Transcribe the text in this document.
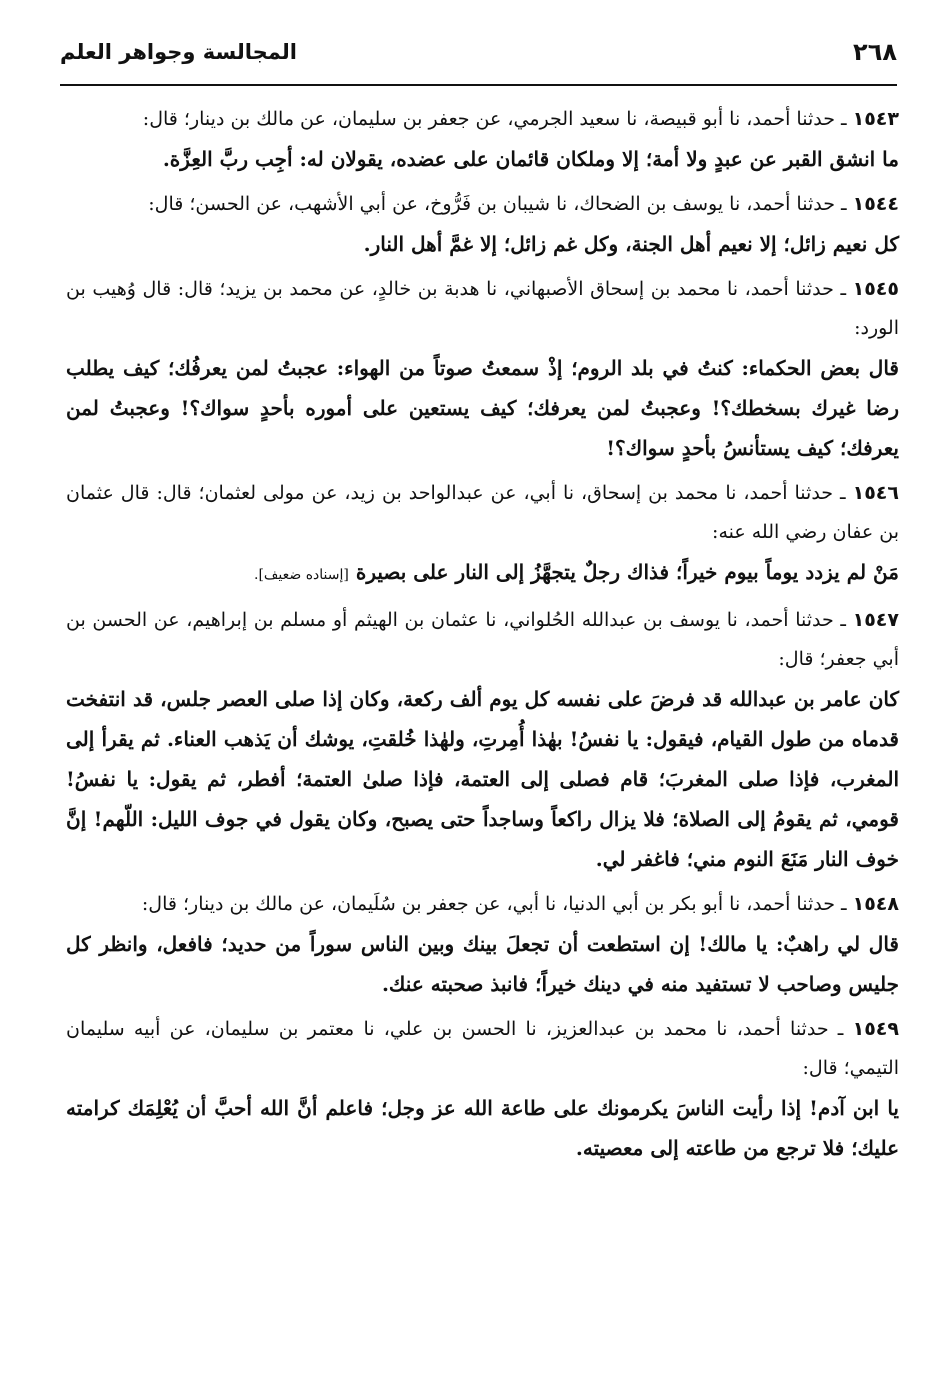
٢٦٨
المجالسة وجواهر العلم

١٥٤٣ ـ حدثنا أحمد، نا أبو قبيصة، نا سعيد الجرمي، عن جعفر بن سليمان، عن مالك بن دينار؛ قال:

ما انشق القبر عن عبدٍ ولا أمة؛ إلا وملكان قائمان على عضده، يقولان له: أجِب ربَّ العِزَّة.

١٥٤٤ ـ حدثنا أحمد، نا يوسف بن الضحاك، نا شيبان بن فَرُّوخ، عن أبي الأشهب، عن الحسن؛ قال:

كل نعيم زائل؛ إلا نعيم أهل الجنة، وكل غم زائل؛ إلا غمَّ أهل النار.

١٥٤٥ ـ حدثنا أحمد، نا محمد بن إسحاق الأصبهاني، نا هدبة بن خالدٍ، عن محمد بن يزيد؛ قال: قال وُهيب بن الورد:

قال بعض الحكماء: كنتُ في بلد الروم؛ إذْ سمعتُ صوتاً من الهواء: عجبتُ لمن يعرفُك؛ كيف يطلب رضا غيرك بسخطك؟! وعجبتُ لمن يعرفك؛ كيف يستعين على أموره بأحدٍ سواك؟! وعجبتُ لمن يعرفك؛ كيف يستأنسُ بأحدٍ سواك؟!

١٥٤٦ ـ حدثنا أحمد، نا محمد بن إسحاق، نا أبي، عن عبدالواحد بن زيد، عن مولى لعثمان؛ قال: قال عثمان بن عفان رضي الله عنه:

مَنْ لم يزدد يوماً بيوم خيراً؛ فذاك رجلٌ يتجهَّزُ إلى النار على بصيرة [إسناده ضعيف].

١٥٤٧ ـ حدثنا أحمد، نا يوسف بن عبدالله الحُلواني، نا عثمان بن الهيثم أو مسلم بن إبراهيم، عن الحسن بن أبي جعفر؛ قال:

كان عامر بن عبدالله قد فرضَ على نفسه كل يوم ألف ركعة، وكان إذا صلى العصر جلس، قد انتفخت قدماه من طول القيام، فيقول: يا نفسُ! بهٰذا أُمِرتِ، ولهٰذا خُلقتِ، يوشك أن يَذهب العناء. ثم يقرأ إلى المغرب، فإذا صلى المغربَ؛ قام فصلى إلى العتمة، فإذا صلىٰ العتمة؛ أفطر، ثم يقول: يا نفسُ! قومي، ثم يقومُ إلى الصلاة؛ فلا يزال راكعاً وساجداً حتى يصبح، وكان يقول في جوف الليل: اللّهم! إنَّ خوف النار مَنَعَ النوم مني؛ فاغفر لي.

١٥٤٨ ـ حدثنا أحمد، نا أبو بكر بن أبي الدنيا، نا أبي، عن جعفر بن سُلَيمان، عن مالك بن دينار؛ قال:

قال لي راهبٌ: يا مالك! إن استطعت أن تجعلَ بينك وبين الناس سوراً من حديد؛ فافعل، وانظر كل جليس وصاحب لا تستفيد منه في دينك خيراً؛ فانبذ صحبته عنك.

١٥٤٩ ـ حدثنا أحمد، نا محمد بن عبدالعزيز، نا الحسن بن علي، نا معتمر بن سليمان، عن أبيه سليمان التيمي؛ قال:

يا ابن آدم! إذا رأيت الناسَ يكرمونك على طاعة الله عز وجل؛ فاعلم أنَّ الله أحبَّ أن يُعْلِمَك كرامته عليك؛ فلا ترجع من طاعته إلى معصيته.
